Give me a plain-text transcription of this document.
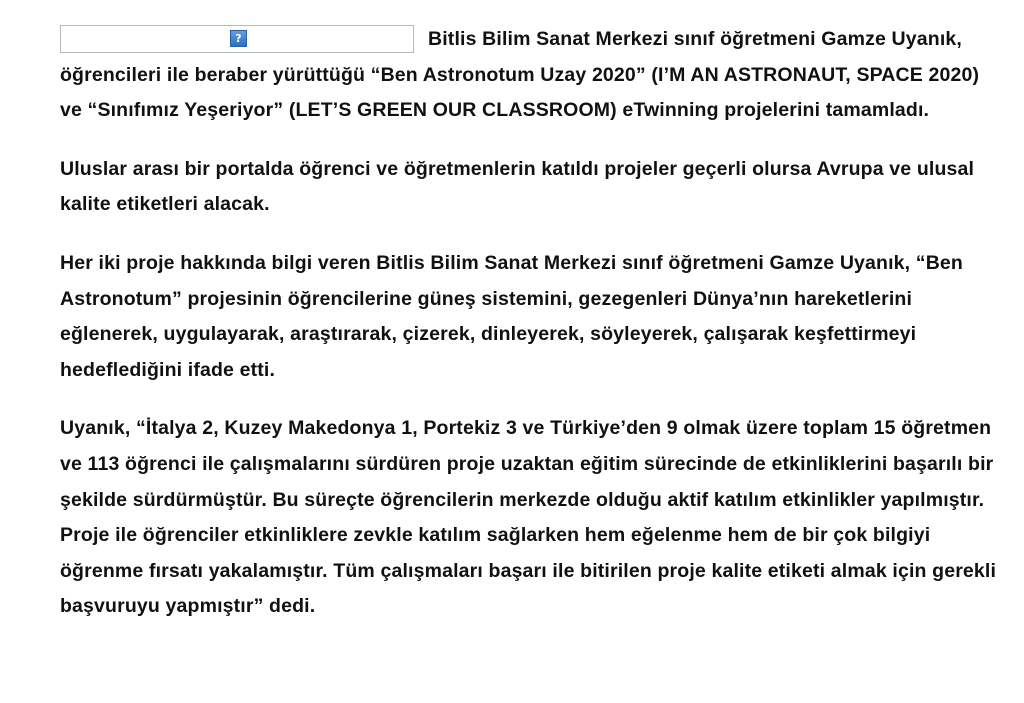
?	Bitlis Bilim Sanat Merkezi sınıf öğretmeni Gamze Uyanık, öğrencileri ile beraber yürüttüğü “Ben Astronotum Uzay 2020” (I’M AN ASTRONAUT, SPACE 2020) ve “Sınıfımız Yeşeriyor” (LET’S GREEN OUR CLASSROOM) eTwinning projelerini tamamladı.

Uluslar arası bir portalda öğrenci ve öğretmenlerin katıldı projeler geçerli olursa Avrupa ve ulusal kalite etiketleri alacak.

Her iki proje hakkında bilgi veren Bitlis Bilim Sanat Merkezi sınıf öğretmeni Gamze Uyanık, “Ben Astronotum” projesinin öğrencilerine güneş sistemini, gezegenleri Dünya’nın hareketlerini eğlenerek, uygulayarak, araştırarak, çizerek, dinleyerek, söyleyerek, çalışarak keşfettirmeyi hedeflediğini ifade etti.

Uyanık, “İtalya 2, Kuzey Makedonya 1, Portekiz 3 ve Türkiye’den 9 olmak üzere toplam 15 öğretmen ve 113 öğrenci ile çalışmalarını sürdüren proje uzaktan eğitim sürecinde de etkinliklerini başarılı bir şekilde sürdürmüştür. Bu süreçte öğrencilerin merkezde olduğu aktif katılım etkinlikler yapılmıştır. Proje ile öğrenciler etkinliklere zevkle katılım sağlarken hem eğelenme hem de bir çok bilgiyi öğrenme fırsatı yakalamıştır. Tüm çalışmaları başarı ile bitirilen proje kalite etiketi almak için gerekli başvuruyu yapmıştır” dedi.
